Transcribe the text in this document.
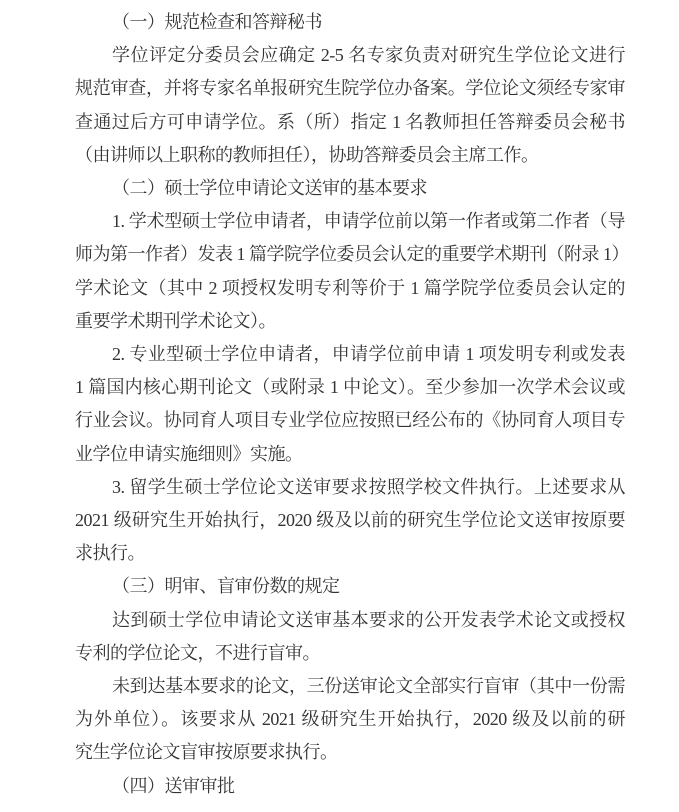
（一）规范检查和答辩秘书
学位评定分委员会应确定 2-5 名专家负责对研究生学位论文进行
规范审查，并将专家名单报研究生院学位办备案。学位论文须经专家审
查通过后方可申请学位。系（所）指定 1 名教师担任答辩委员会秘书
（由讲师以上职称的教师担任），协助答辩委员会主席工作。
（二）硕士学位申请论文送审的基本要求
1. 学术型硕士学位申请者，申请学位前以第一作者或第二作者（导
师为第一作者）发表 1 篇学院学位委员会认定的重要学术期刊（附录 1）
学术论文（其中 2 项授权发明专利等价于 1 篇学院学位委员会认定的
重要学术期刊学术论文）。
2. 专业型硕士学位申请者，申请学位前申请 1 项发明专利或发表
1 篇国内核心期刊论文（或附录 1 中论文）。至少参加一次学术会议或
行业会议。协同育人项目专业学位应按照已经公布的《协同育人项目专
业学位申请实施细则》实施。
3. 留学生硕士学位论文送审要求按照学校文件执行。上述要求从
2021 级研究生开始执行，2020 级及以前的研究生学位论文送审按原要
求执行。
（三）明审、盲审份数的规定
达到硕士学位申请论文送审基本要求的公开发表学术论文或授权
专利的学位论文，不进行盲审。
未到达基本要求的论文，三份送审论文全部实行盲审（其中一份需
为外单位）。该要求从 2021 级研究生开始执行，2020 级及以前的研
究生学位论文盲审按原要求执行。
（四）送审审批
